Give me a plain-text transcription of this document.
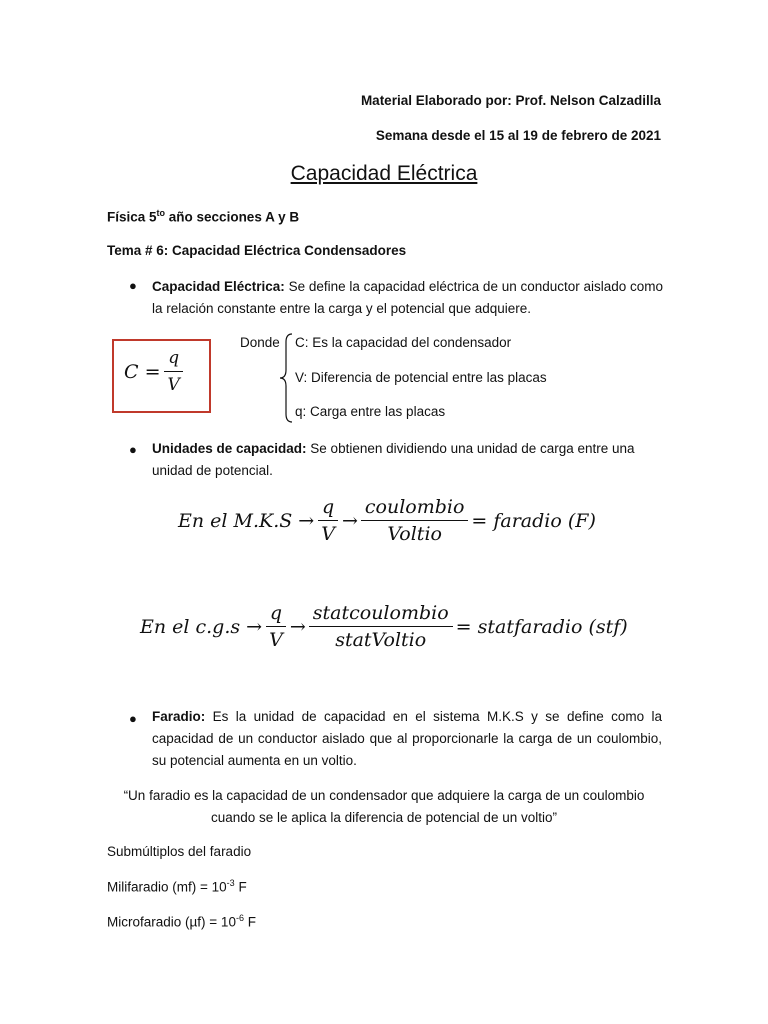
Material Elaborado por: Prof. Nelson Calzadilla
Semana desde el 15 al 19 de febrero de 2021
Capacidad Eléctrica
Física $5^{to}$ año secciones A y B
Tema # 6: Capacidad Eléctrica Condensadores
● Capacidad Eléctrica: Se define la capacidad eléctrica de un conductor aislado como la relación constante entre la carga y el potencial que adquiere.
$C = \frac{q}{V}$
Donde C: Es la capacidad del condensador
V: Diferencia de potencial entre las placas
q: Carga entre las placas
● Unidades de capacidad: Se obtienen dividiendo una unidad de carga entre una unidad de potencial.
En el $M.K.S \to \frac{q}{V} \to \frac{\text{coulombio}}{\text{Voltio}}$ = faradio (F)
En el $c.g.s \to \frac{q}{V} \to \frac{\text{statcoulombio}}{\text{statVoltio}}$ = statfaradio (stf)
● Faradio: Es la unidad de capacidad en el sistema M.K.S y se define como la capacidad de un conductor aislado que al proporcionarle la carga de un coulombio, su potencial aumenta en un voltio.
“Un faradio es la capacidad de un condensador que adquiere la carga de un coulombio
cuando se le aplica la diferencia de potencial de un voltio”
Submúltiplos del faradio
Milifaradio $(mf) = 10^{-3}$ F
Microfaradio $(\mu f) = 10^{-6}$ F
